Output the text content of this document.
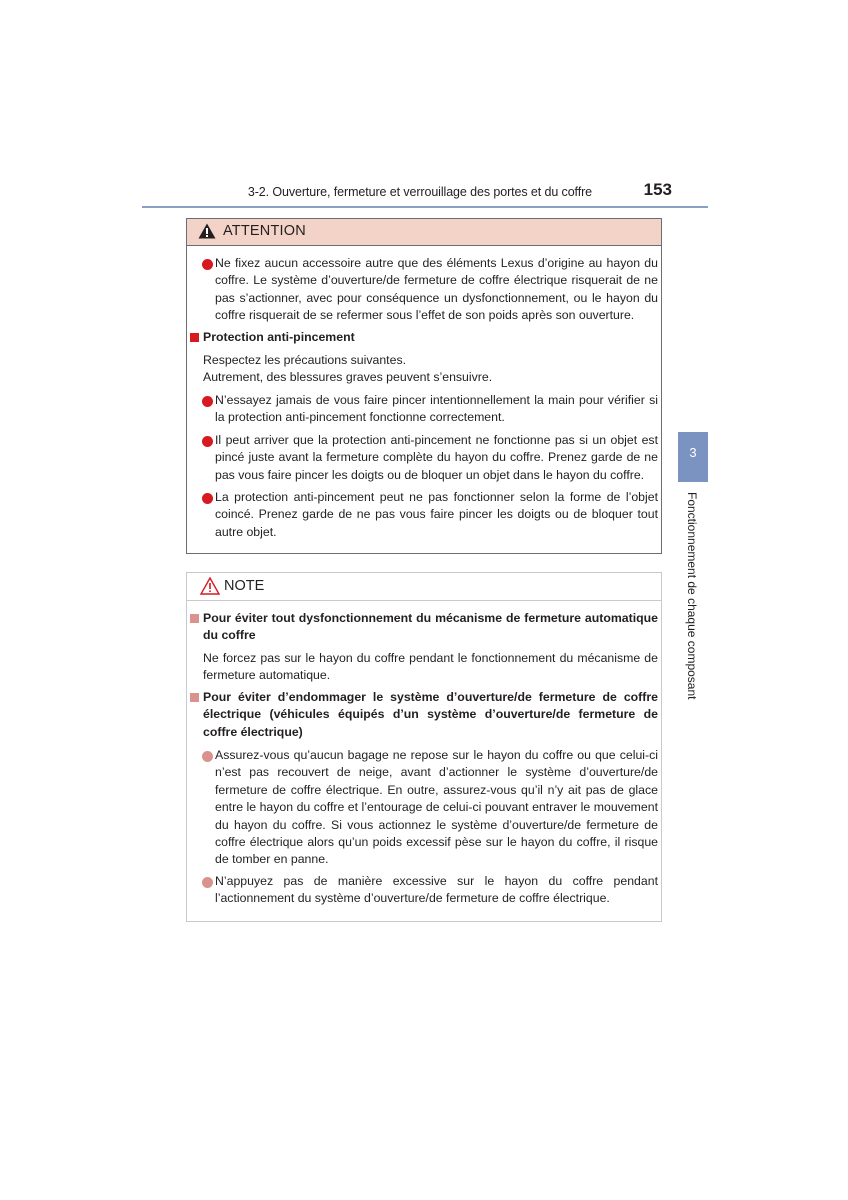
3-2. Ouverture, fermeture et verrouillage des portes et du coffre	153
3
Fonctionnement de chaque composant
ATTENTION
Ne fixez aucun accessoire autre que des éléments Lexus d’origine au hayon du coffre. Le système d’ouverture/de fermeture de coffre électrique risquerait de ne pas s’actionner, avec pour conséquence un dysfonctionnement, ou le hayon du coffre risquerait de se refermer sous l’effet de son poids après son ouverture.
Protection anti-pincement
Respectez les précautions suivantes.
Autrement, des blessures graves peuvent s’ensuivre.
N’essayez jamais de vous faire pincer intentionnellement la main pour vérifier si la protection anti-pincement fonctionne correctement.
Il peut arriver que la protection anti-pincement ne fonctionne pas si un objet est pincé juste avant la fermeture complète du hayon du coffre. Prenez garde de ne pas vous faire pincer les doigts ou de bloquer un objet dans le hayon du coffre.
La protection anti-pincement peut ne pas fonctionner selon la forme de l’objet coincé. Prenez garde de ne pas vous faire pincer les doigts ou de bloquer tout autre objet.
NOTE
Pour éviter tout dysfonctionnement du mécanisme de fermeture automatique du coffre
Ne forcez pas sur le hayon du coffre pendant le fonctionnement du mécanisme de fermeture automatique.
Pour éviter d’endommager le système d’ouverture/de fermeture de coffre électrique (véhicules équipés d’un système d’ouverture/de fermeture de coffre électrique)
Assurez-vous qu’aucun bagage ne repose sur le hayon du coffre ou que celui-ci n’est pas recouvert de neige, avant d’actionner le système d’ouverture/de fermeture de coffre électrique. En outre, assurez-vous qu’il n’y ait pas de glace entre le hayon du coffre et l’entourage de celui-ci pouvant entraver le mouvement du hayon du coffre. Si vous actionnez le système d’ouverture/de fermeture de coffre électrique alors qu’un poids excessif pèse sur le hayon du coffre, il risque de tomber en panne.
N’appuyez pas de manière excessive sur le hayon du coffre pendant l’actionnement du système d’ouverture/de fermeture de coffre électrique.
